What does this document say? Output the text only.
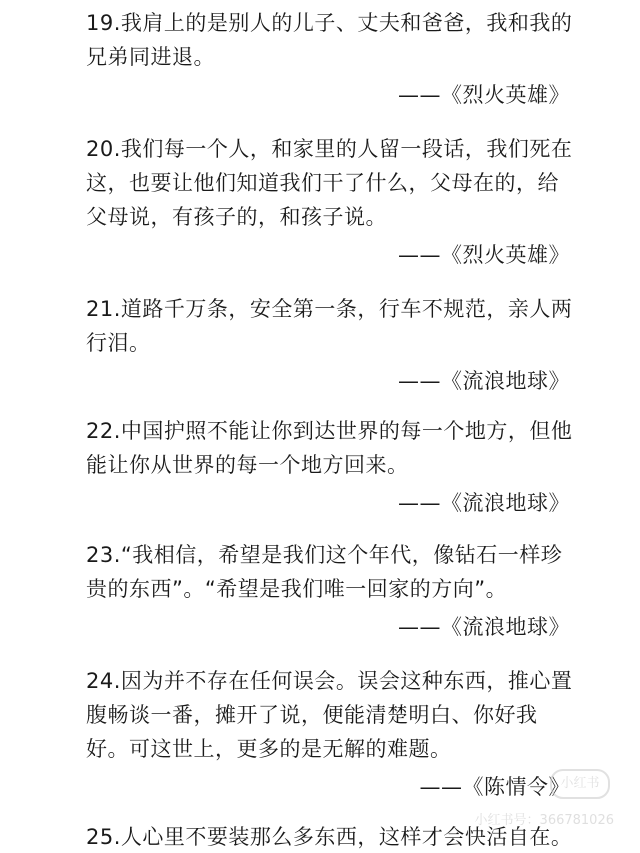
19.我肩上的是别人的儿子、丈夫和爸爸，我和我的兄弟同进退。

——《烈火英雄》

20.我们每一个人，和家里的人留一段话，我们死在这，也要让他们知道我们干了什么，父母在的，给父母说，有孩子的，和孩子说。

——《烈火英雄》

21.道路千万条，安全第一条，行车不规范，亲人两行泪。

——《流浪地球》

22.中国护照不能让你到达世界的每一个地方，但他能让你从世界的每一个地方回来。

——《流浪地球》

23.“我相信，希望是我们这个年代，像钻石一样珍贵的东西”。“希望是我们唯一回家的方向”。

——《流浪地球》

24.因为并不存在任何误会。误会这种东西，推心置腹畅谈一番，摊开了说，便能清楚明白、你好我好。可这世上，更多的是无解的难题。

——《陈情令》

25.人心里不要装那么多东西，这样才会快活自在。

小红书
小红书号：366781026
